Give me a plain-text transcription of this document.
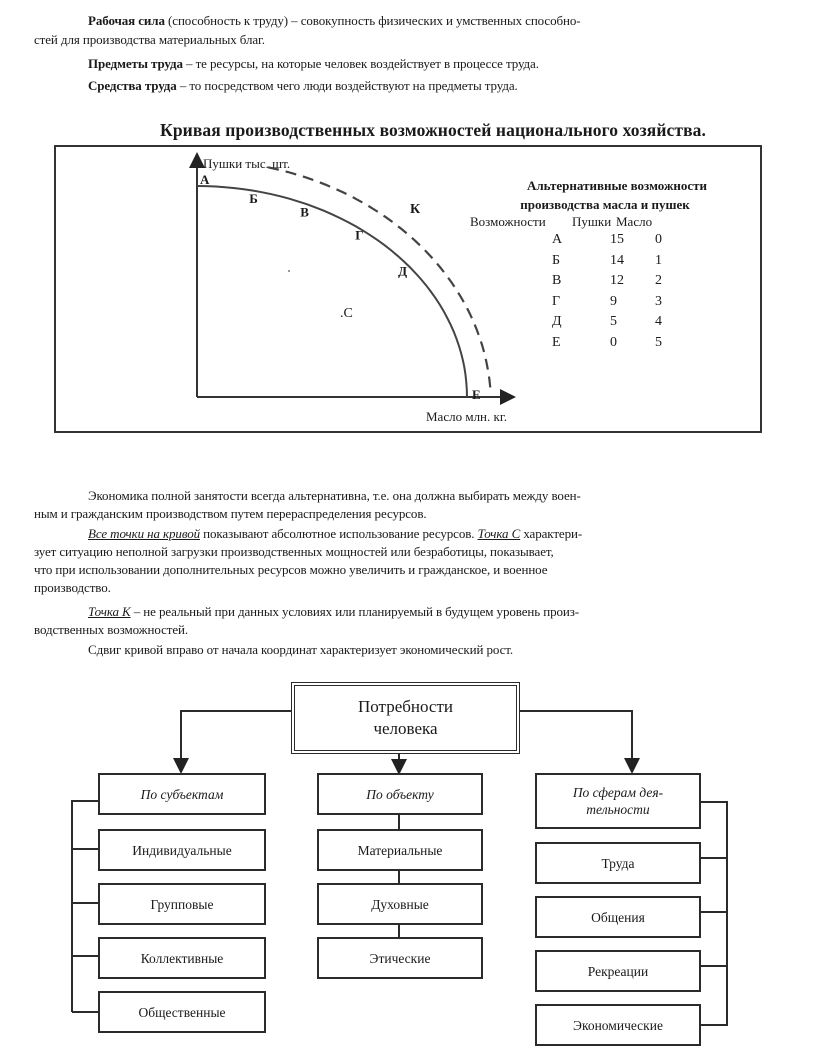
Рабочая сила (способность к труду) – совокупность физических и умственных способно-
стей для производства материальных благ.
Предметы труда – те ресурсы, на которые человек воздействует в процессе труда.
Средства труда – то посредством чего люди воздействуют на предметы труда.
Кривая производственных возможностей национального хозяйства.
Пушки тыс. шт.
Масло млн. кг.
А
Б
В
Г
Д
Е
.С
К
Альтернативные возможности
производства масла и пушек
Возможности Пушки Масло
А	15 0
Б	14 1
В	12 2
Г	9	3
Д	5	4
Е	0	5
Экономика полной занятости всегда альтернативна, т.е. она должна выбирать между воен-
ным и гражданским производством путем перераспределения ресурсов.
Все точки на кривой показывают абсолютное использование ресурсов. Точка С характери-
зует ситуацию неполной загрузки производственных мощностей или безработицы, показывает,
что при использовании дополнительных ресурсов можно увеличить и гражданское, и военное
производство.
Точка К – не реальный при данных условиях или планируемый в будущем уровень произ-
водственных возможностей.
Сдвиг кривой вправо от начала координат характеризует экономический рост.
Потребности
человека
По субъектам	По объекту	По сферам дея-
тельности
Индивидуальные
Групповые
Коллективные
Общественные
Материальные
Духовные
Этические
Труда
Общения
Рекреации
Экономические
